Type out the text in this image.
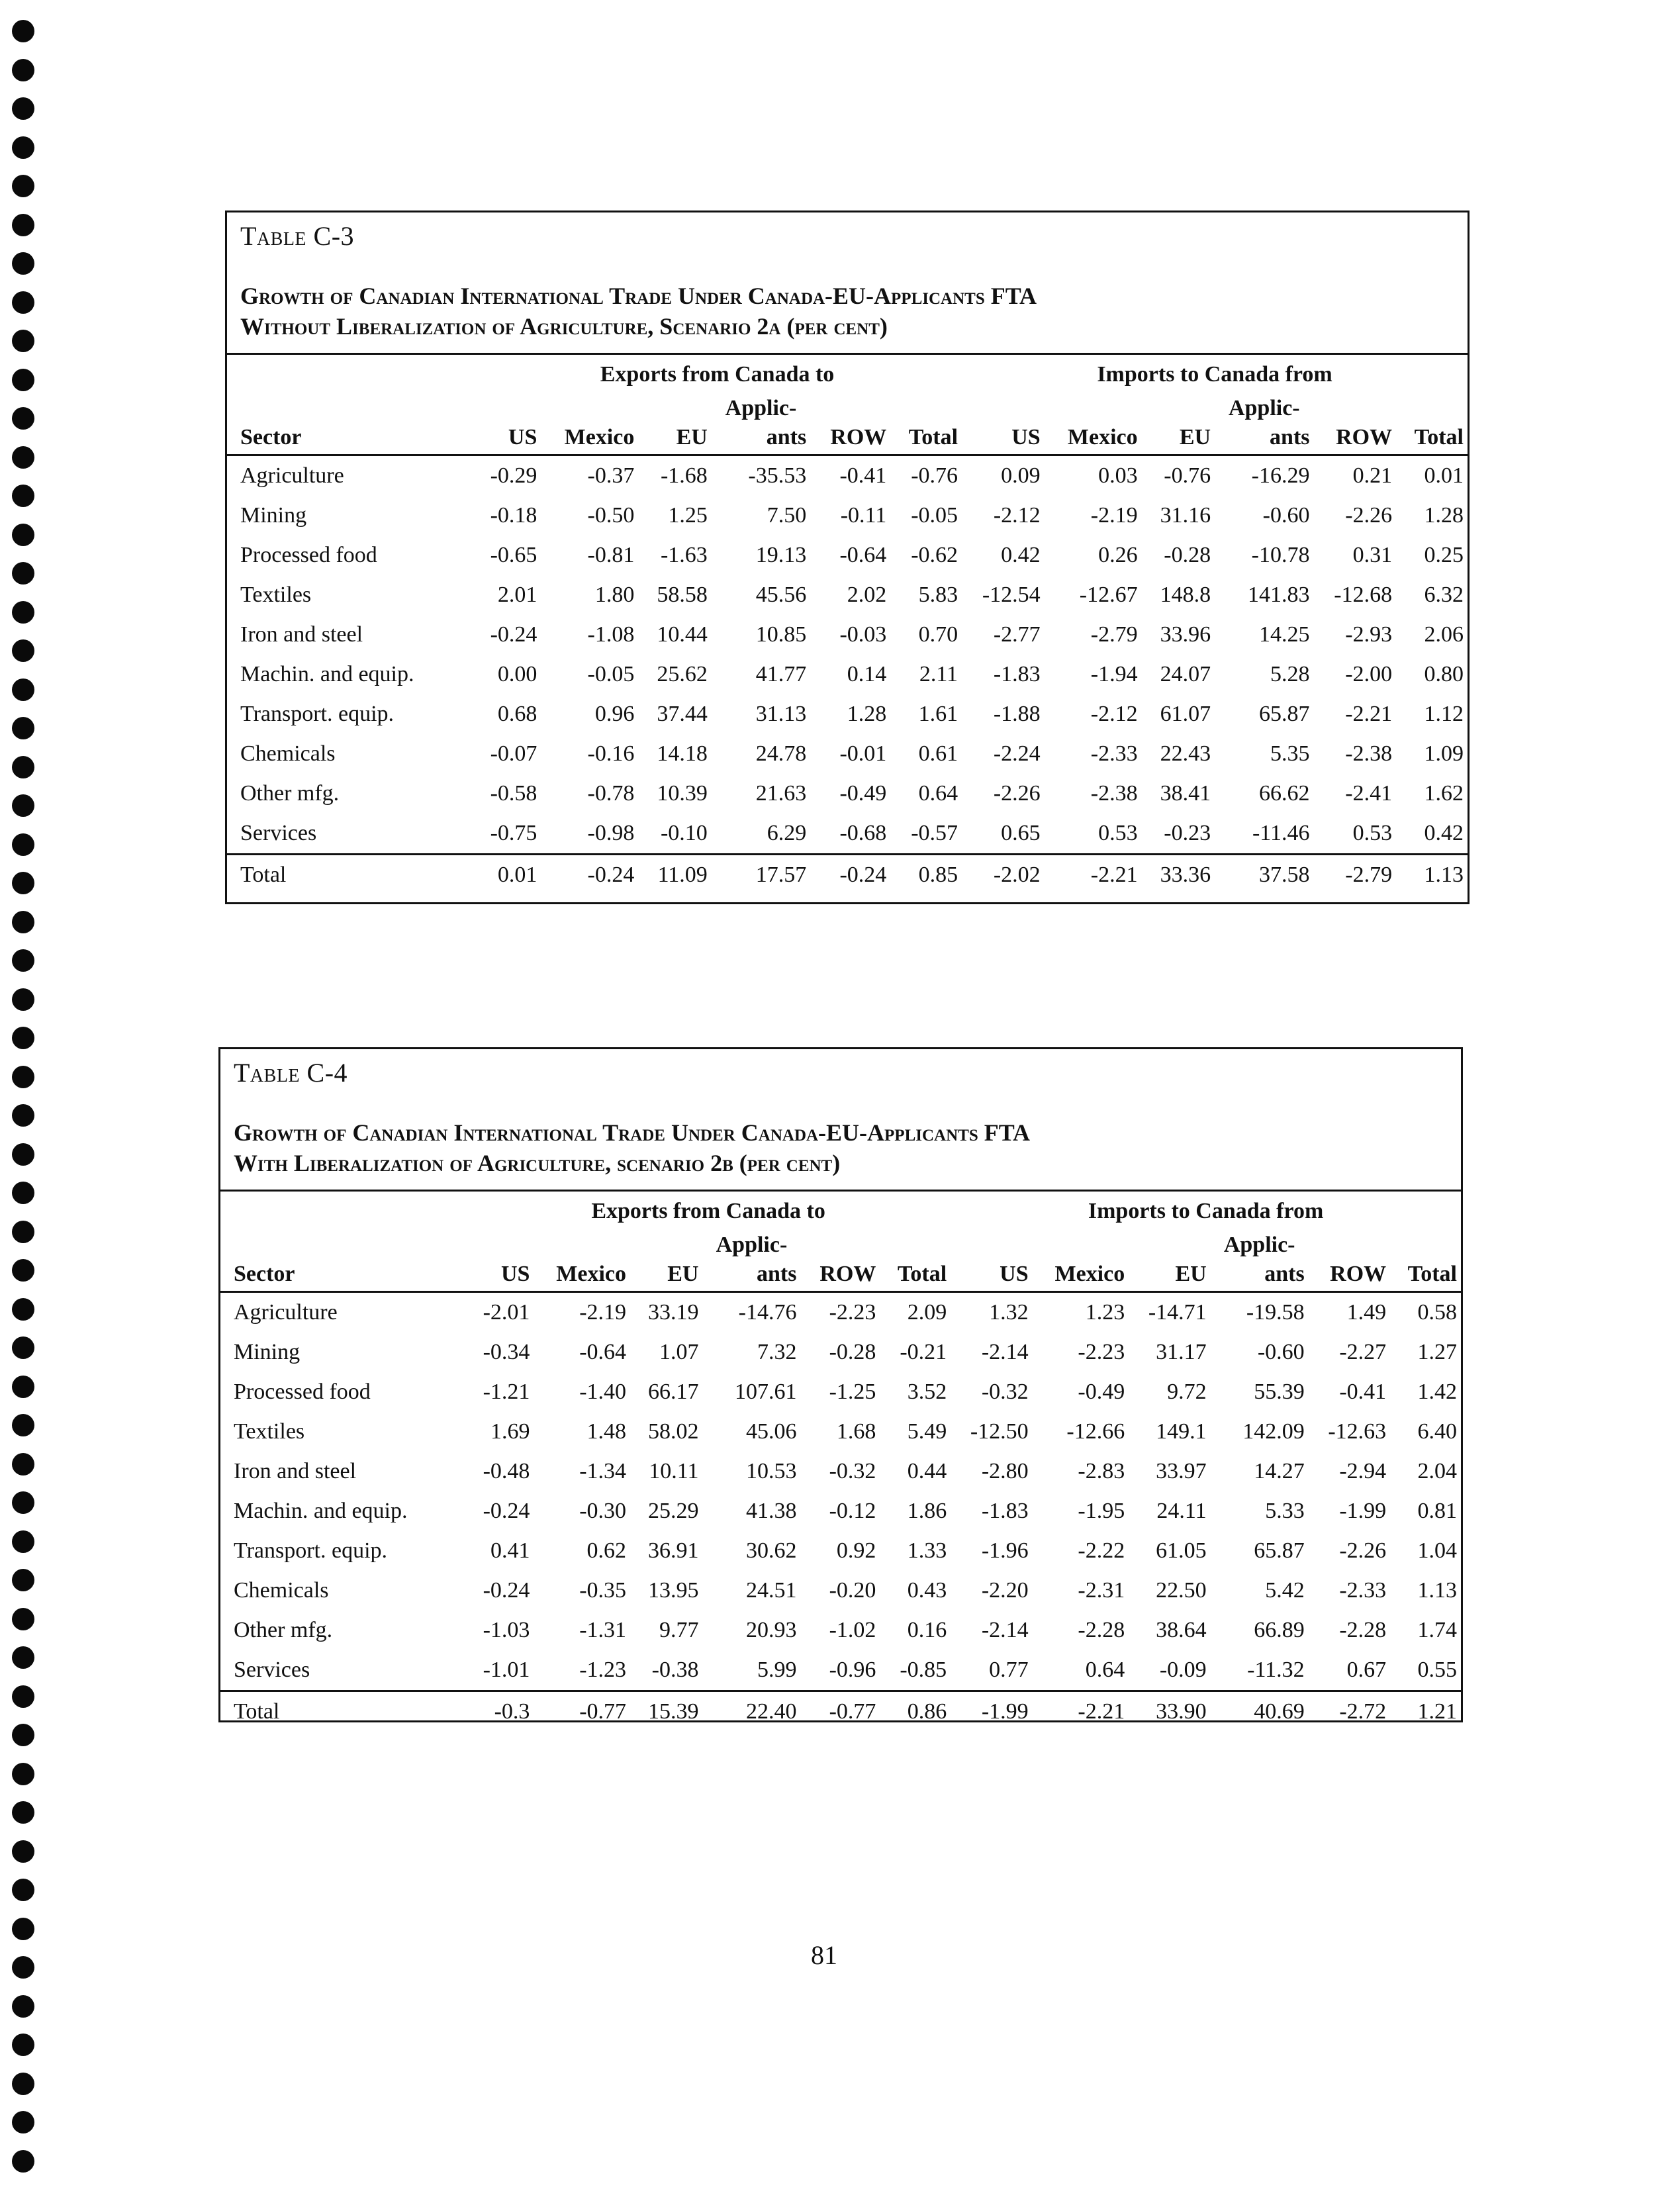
Table C-3
Growth of Canadian International Trade Under Canada-EU-Applicants FTA
Without Liberalization of Agriculture, Scenario 2a (per cent)
	Exports from Canada to						Imports to Canada from					
				Applic-						Applic-		
Sector	US	Mexico	EU	ants	ROW	Total	US	Mexico	EU	ants	ROW	Total
Agriculture	-0.29	-0.37	-1.68	-35.53	-0.41	-0.76	0.09	0.03	-0.76	-16.29	0.21	0.01
Mining	-0.18	-0.50	1.25	7.50	-0.11	-0.05	-2.12	-2.19	31.16	-0.60	-2.26	1.28
Processed food	-0.65	-0.81	-1.63	19.13	-0.64	-0.62	0.42	0.26	-0.28	-10.78	0.31	0.25
Textiles	2.01	1.80	58.58	45.56	2.02	5.83	-12.54	-12.67	148.8	141.83	-12.68	6.32
Iron and steel	-0.24	-1.08	10.44	10.85	-0.03	0.70	-2.77	-2.79	33.96	14.25	-2.93	2.06
Machin. and equip.	0.00	-0.05	25.62	41.77	0.14	2.11	-1.83	-1.94	24.07	5.28	-2.00	0.80
Transport. equip.	0.68	0.96	37.44	31.13	1.28	1.61	-1.88	-2.12	61.07	65.87	-2.21	1.12
Chemicals	-0.07	-0.16	14.18	24.78	-0.01	0.61	-2.24	-2.33	22.43	5.35	-2.38	1.09
Other mfg.	-0.58	-0.78	10.39	21.63	-0.49	0.64	-2.26	-2.38	38.41	66.62	-2.41	1.62
Services	-0.75	-0.98	-0.10	6.29	-0.68	-0.57	0.65	0.53	-0.23	-11.46	0.53	0.42
Total	0.01	-0.24	11.09	17.57	-0.24	0.85	-2.02	-2.21	33.36	37.58	-2.79	1.13
Table C-4
Growth of Canadian International Trade Under Canada-EU-Applicants FTA
With Liberalization of Agriculture, scenario 2b (per cent)
	Exports from Canada to						Imports to Canada from					
				Applic-						Applic-		
Sector	US	Mexico	EU	ants	ROW	Total	US	Mexico	EU	ants	ROW	Total
Agriculture	-2.01	-2.19	33.19	-14.76	-2.23	2.09	1.32	1.23	-14.71	-19.58	1.49	0.58
Mining	-0.34	-0.64	1.07	7.32	-0.28	-0.21	-2.14	-2.23	31.17	-0.60	-2.27	1.27
Processed food	-1.21	-1.40	66.17	107.61	-1.25	3.52	-0.32	-0.49	9.72	55.39	-0.41	1.42
Textiles	1.69	1.48	58.02	45.06	1.68	5.49	-12.50	-12.66	149.1	142.09	-12.63	6.40
Iron and steel	-0.48	-1.34	10.11	10.53	-0.32	0.44	-2.80	-2.83	33.97	14.27	-2.94	2.04
Machin. and equip.	-0.24	-0.30	25.29	41.38	-0.12	1.86	-1.83	-1.95	24.11	5.33	-1.99	0.81
Transport. equip.	0.41	0.62	36.91	30.62	0.92	1.33	-1.96	-2.22	61.05	65.87	-2.26	1.04
Chemicals	-0.24	-0.35	13.95	24.51	-0.20	0.43	-2.20	-2.31	22.50	5.42	-2.33	1.13
Other mfg.	-1.03	-1.31	9.77	20.93	-1.02	0.16	-2.14	-2.28	38.64	66.89	-2.28	1.74
Services	-1.01	-1.23	-0.38	5.99	-0.96	-0.85	0.77	0.64	-0.09	-11.32	0.67	0.55
Total	-0.3	-0.77	15.39	22.40	-0.77	0.86	-1.99	-2.21	33.90	40.69	-2.72	1.21
81
